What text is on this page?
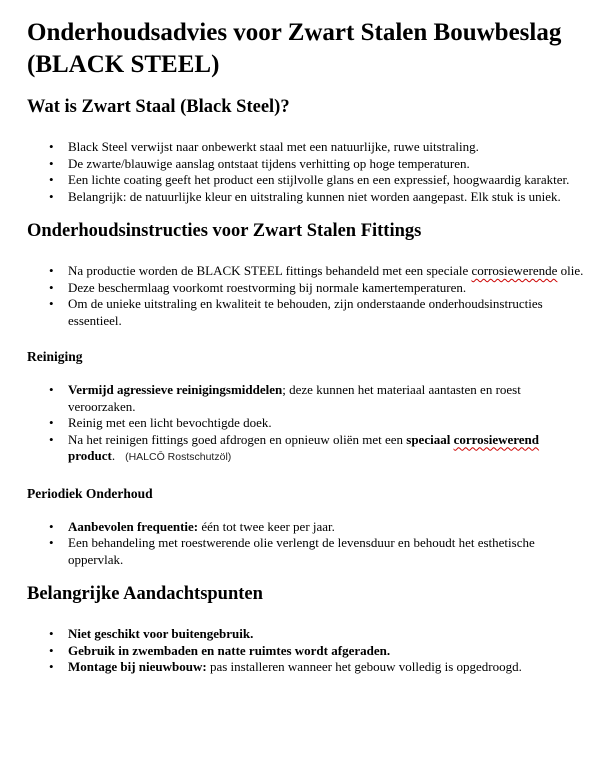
Onderhoudsadvies voor Zwart Stalen Bouwbeslag (BLACK STEEL)
Wat is Zwart Staal (Black Steel)?
• Black Steel verwijst naar onbewerkt staal met een natuurlijke, ruwe uitstraling.
• De zwarte/blauwige aanslag ontstaat tijdens verhitting op hoge temperaturen.
• Een lichte coating geeft het product een stijlvolle glans en een expressief, hoogwaardig karakter.
• Belangrijk: de natuurlijke kleur en uitstraling kunnen niet worden aangepast. Elk stuk is uniek.
Onderhoudsinstructies voor Zwart Stalen Fittings
• Na productie worden de BLACK STEEL fittings behandeld met een speciale corrosiewerende olie.
• Deze beschermlaag voorkomt roestvorming bij normale kamertemperaturen.
• Om de unieke uitstraling en kwaliteit te behouden, zijn onderstaande onderhoudsinstructies essentieel.
Reiniging
• Vermijd agressieve reinigingsmiddelen; deze kunnen het materiaal aantasten en roest veroorzaken.
• Reinig met een licht bevochtigde doek.
• Na het reinigen fittings goed afdrogen en opnieuw oliën met een speciaal corrosiewerend product. (HALCŌ Rostschutzöl)
Periodiek Onderhoud
• Aanbevolen frequentie: één tot twee keer per jaar.
• Een behandeling met roestwerende olie verlengt de levensduur en behoudt het esthetische oppervlak.
Belangrijke Aandachtspunten
• Niet geschikt voor buitengebruik.
• Gebruik in zwembaden en natte ruimtes wordt afgeraden.
• Montage bij nieuwbouw: pas installeren wanneer het gebouw volledig is opgedroogd.
